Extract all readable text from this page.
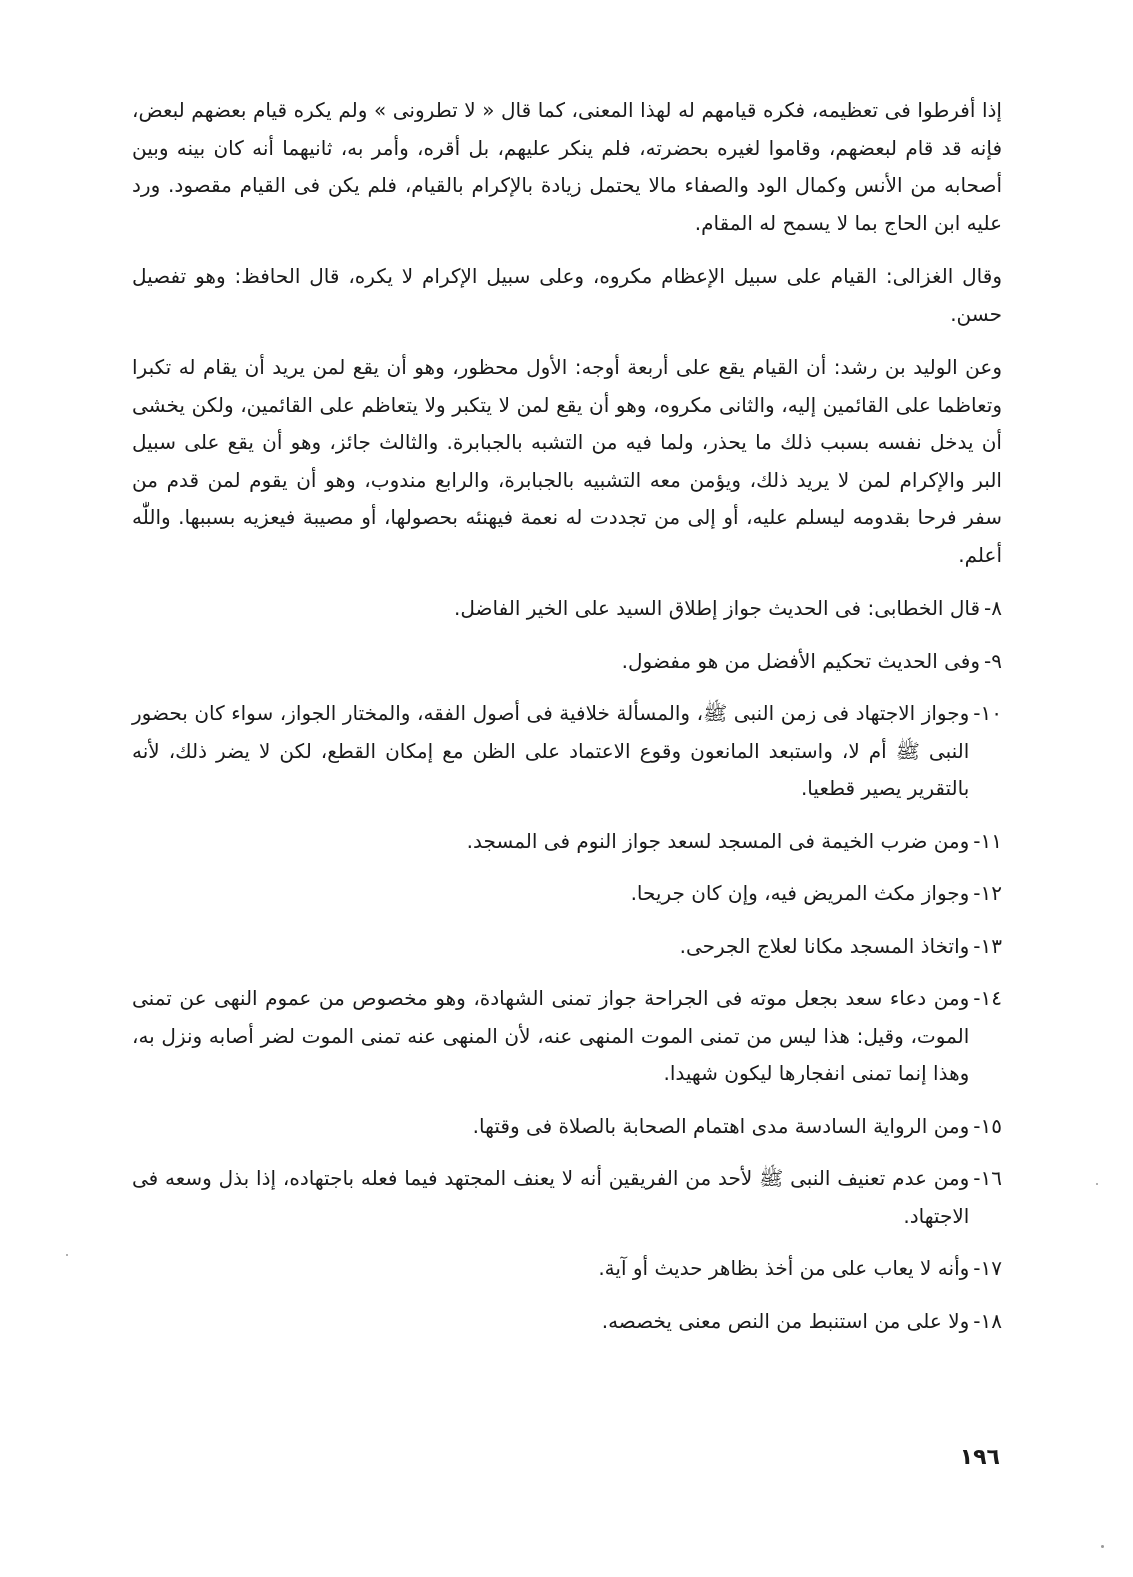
إذا أفرطوا فى تعظيمه، فكره قيامهم له لهذا المعنى، كما قال « لا تطرونى » ولم يكره قيام بعضهم لبعض، فإنه قد قام لبعضهم، وقاموا لغيره بحضرته، فلم ينكر عليهم، بل أقره، وأمر به، ثانيهما أنه كان بينه وبين أصحابه من الأنس وكمال الود والصفاء مالا يحتمل زيادة بالإكرام بالقيام، فلم يكن فى القيام مقصود. ورد عليه ابن الحاج بما لا يسمح له المقام.

وقال الغزالى: القيام على سبيل الإعظام مكروه، وعلى سبيل الإكرام لا يكره، قال الحافظ: وهو تفصيل حسن.

وعن الوليد بن رشد: أن القيام يقع على أربعة أوجه: الأول محظور، وهو أن يقع لمن يريد أن يقام له تكبرا وتعاظما على القائمين إليه، والثانى مكروه، وهو أن يقع لمن لا يتكبر ولا يتعاظم على القائمين، ولكن يخشى أن يدخل نفسه بسبب ذلك ما يحذر، ولما فيه من التشبه بالجبابرة. والثالث جائز، وهو أن يقع على سبيل البر والإكرام لمن لا يريد ذلك، ويؤمن معه التشبيه بالجبابرة، والرابع مندوب، وهو أن يقوم لمن قدم من سفر فرحا بقدومه ليسلم عليه، أو إلى من تجددت له نعمة فيهنئه بحصولها، أو مصيبة فيعزيه بسببها. واللّٰه أعلم.

٨-
قال الخطابى: فى الحديث جواز إطلاق السيد على الخير الفاضل.
٩-
وفى الحديث تحكيم الأفضل من هو مفضول.
١٠-
وجواز الاجتهاد فى زمن النبى ﷺ، والمسألة خلافية فى أصول الفقه، والمختار الجواز، سواء كان بحضور النبى ﷺ أم لا، واستبعد المانعون وقوع الاعتماد على الظن مع إمكان القطع، لكن لا يضر ذلك، لأنه بالتقرير يصير قطعيا.
١١-
ومن ضرب الخيمة فى المسجد لسعد جواز النوم فى المسجد.
١٢-
وجواز مكث المريض فيه، وإن كان جريحا.
١٣-
واتخاذ المسجد مكانا لعلاج الجرحى.
١٤-
ومن دعاء سعد بجعل موته فى الجراحة جواز تمنى الشهادة، وهو مخصوص من عموم النهى عن تمنى الموت، وقيل: هذا ليس من تمنى الموت المنهى عنه، لأن المنهى عنه تمنى الموت لضر أصابه ونزل به، وهذا إنما تمنى انفجارها ليكون شهيدا.
١٥-
ومن الرواية السادسة مدى اهتمام الصحابة بالصلاة فى وقتها.
١٦-
ومن عدم تعنيف النبى ﷺ لأحد من الفريقين أنه لا يعنف المجتهد فيما فعله باجتهاده، إذا بذل وسعه فى الاجتهاد.
١٧-
وأنه لا يعاب على من أخذ بظاهر حديث أو آية.
١٨-
ولا على من استنبط من النص معنى يخصصه.
١٩٦
